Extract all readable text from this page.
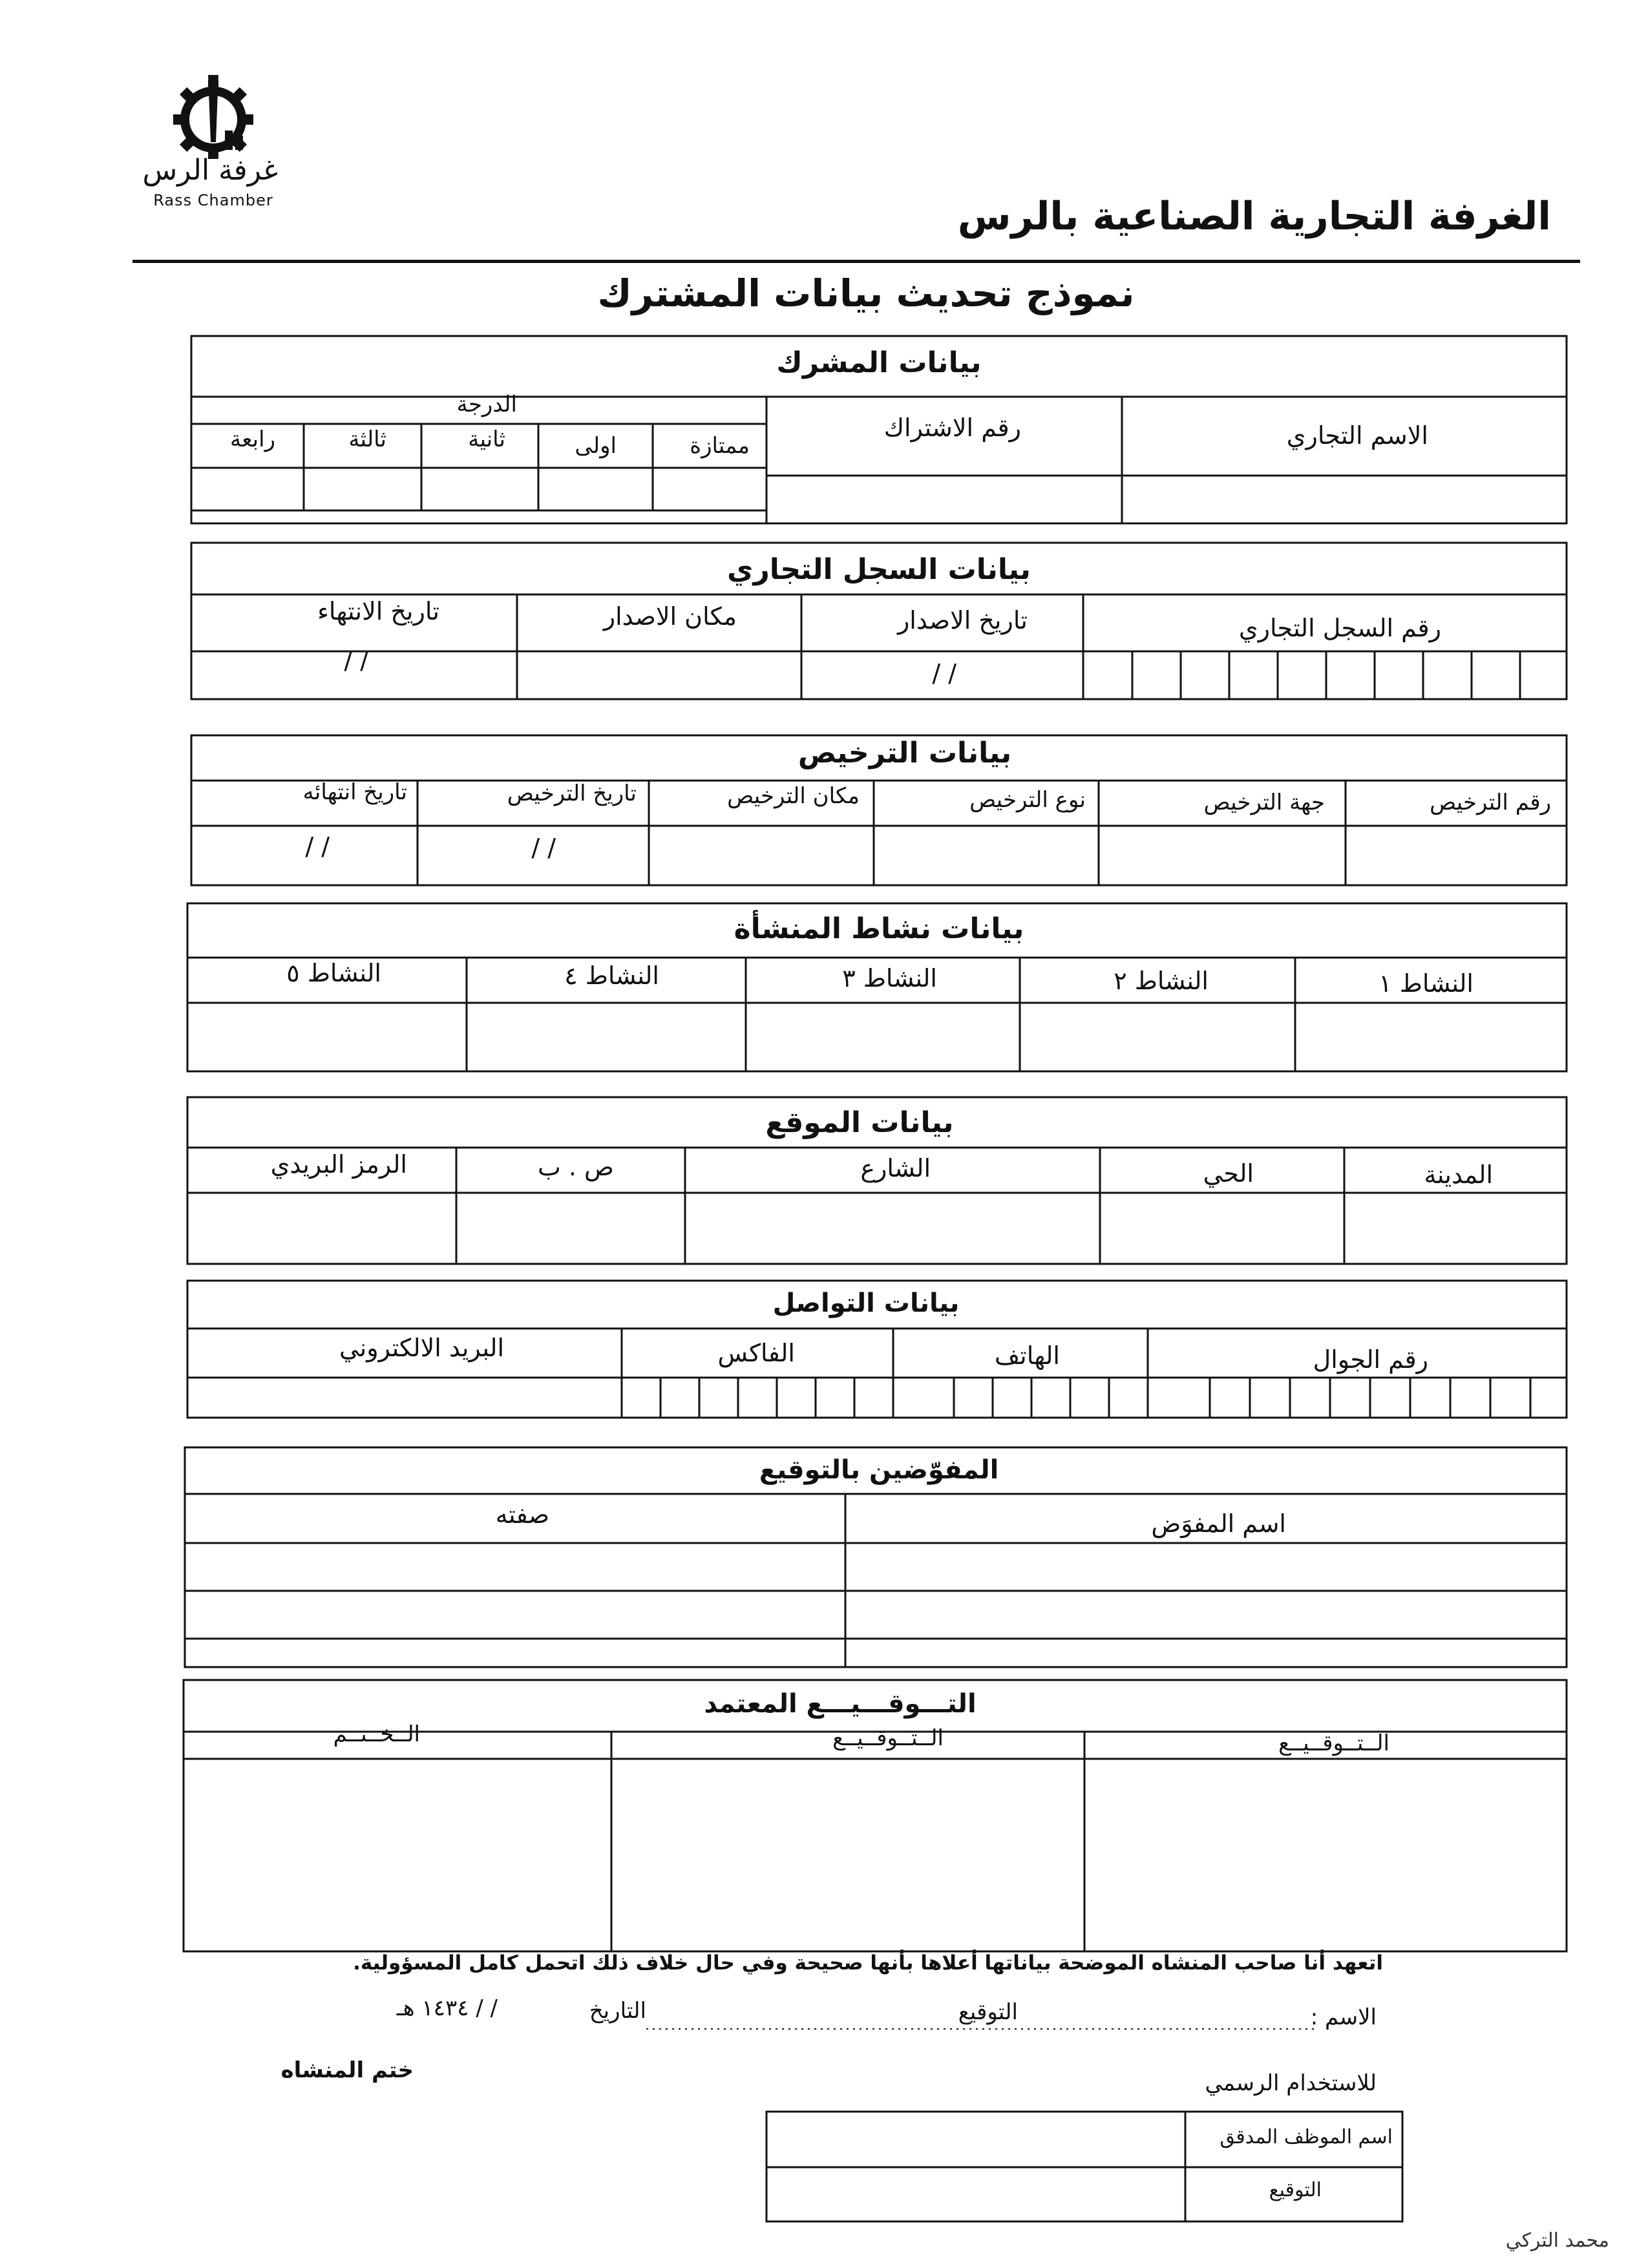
غرفة الرس
Rass Chamber	الغرفة التجارية الصناعية بالرس
نموذج تحديث بيانات المشترك
بيانات المشرك
الاسم التجاري
رقم الاشتراك
الدرجة
ممتازة
اولى
ثانية
ثالثة
رابعة
بيانات السجل التجاري
رقم السجل التجاري
تاريخ الاصدار
مكان الاصدار
تاريخ الانتهاء
/ /
/ /
بيانات الترخيص
رقم الترخيص
جهة الترخيص
نوع الترخيص
مكان الترخيص
تاريخ الترخيص
تاريخ انتهائه
/ /
/ /
بيانات نشاط المنشأة
النشاط ١
النشاط ٢
النشاط ٣
النشاط ٤
النشاط ٥
بيانات الموقع
المدينة
الحي
الشارع
ص . ب
الرمز البريدي
بيانات التواصل
رقم الجوال
الهاتف
الفاكس
البريد الالكتروني
المفوّضين بالتوقيع
اسم المفوَض
صفته
التـــوقـــيـــع المعتمد
الــتــوقــيــع
الــتــوقــيــع
الــخــتــم
اتعهد أنا صاحب المنشاه الموضحة بياناتها أعلاها بأنها صحيحة وفي حال خلاف ذلك اتحمل كامل المسؤولية.
الاسم :
التوقيع
التاريخ
/ / ١٤٣٤ هـ
ختم المنشاه	للاستخدام الرسمي
اسم الموظف المدقق
التوقيع
محمد التركي
